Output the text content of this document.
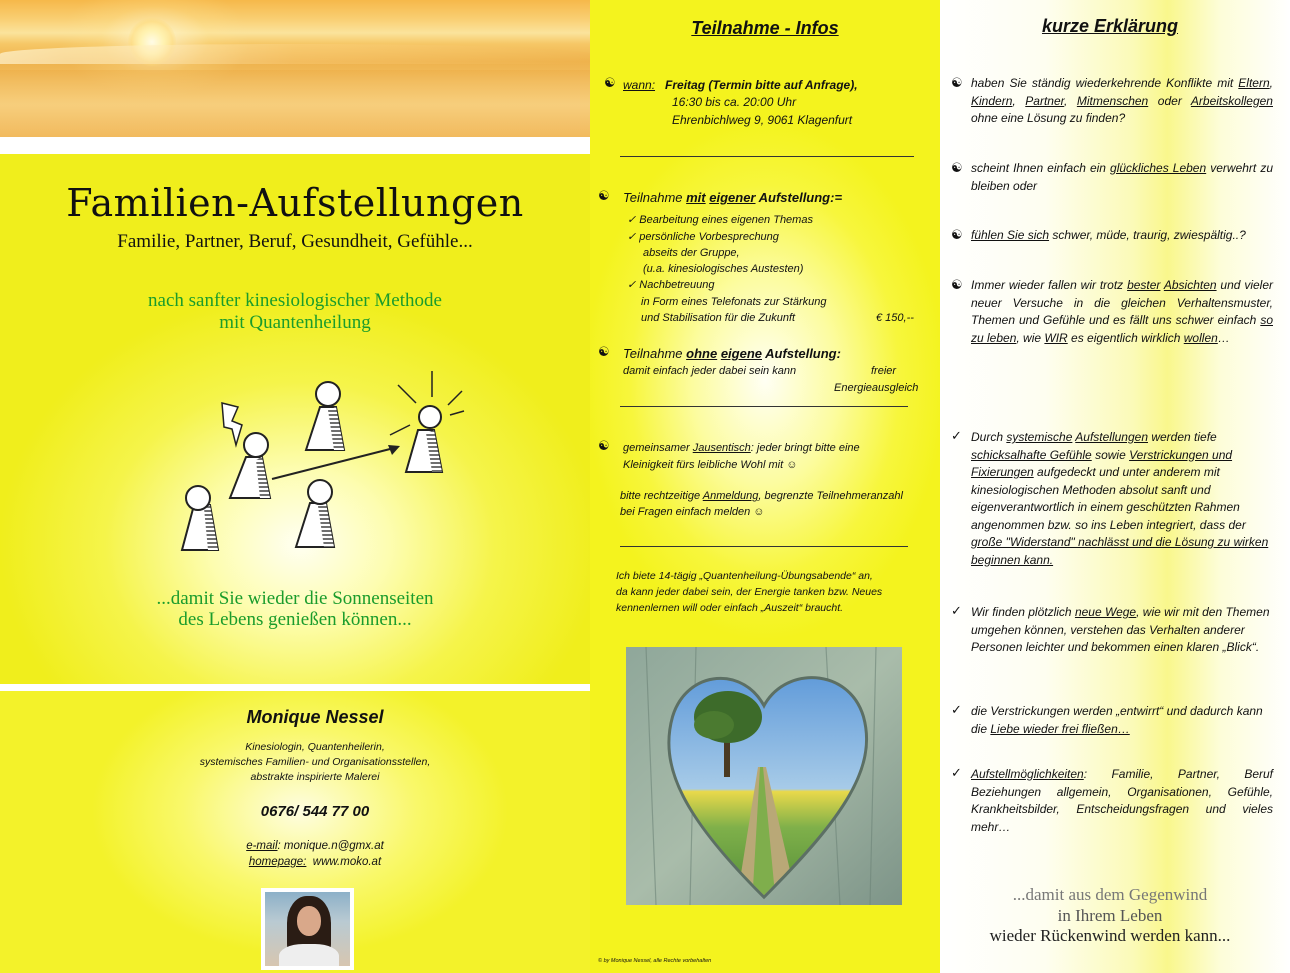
Familien-Aufstellungen
Familie, Partner, Beruf, Gesundheit, Gefühle...
nach sanfter kinesiologischer Methode
mit Quantenheilung
...damit Sie wieder die Sonnenseiten
des Lebens genießen können...
Monique Nessel
Kinesiologin, Quantenheilerin,
systemisches Familien- und Organisationsstellen,
abstrakte inspirierte Malerei
0676/ 544 77 00
e-mail: monique.n@gmx.at
homepage: www.moko.at
Teilnahme - Infos
☯ wann: Freitag (Termin bitte auf Anfrage),
16:30 bis ca. 20:00 Uhr
Ehrenbichlweg 9, 9061 Klagenfurt
☯ Teilnahme mit eigener Aufstellung:=
✓ Bearbeitung eines eigenen Themas
✓ persönliche Vorbesprechung
abseits der Gruppe,
(u.a. kinesiologisches Austesten)
✓ Nachbetreuung
in Form eines Telefonats zur Stärkung
und Stabilisation für die Zukunft	€ 150,--
☯ Teilnahme ohne eigene Aufstellung:
damit einfach jeder dabei sein kann	freier
Energieausgleich
☯ gemeinsamer Jausentisch: jeder bringt bitte eine
Kleinigkeit fürs leibliche Wohl mit ☺
bitte rechtzeitige Anmeldung, begrenzte Teilnehmeranzahl
bei Fragen einfach melden ☺
Ich biete 14-tägig „Quantenheilung-Übungsabende“ an,
da kann jeder dabei sein, der Energie tanken bzw. Neues
kennenlernen will oder einfach „Auszeit“ braucht.
© by Monique Nessel, alle Rechte vorbehalten
kurze Erklärung
☯ haben Sie ständig wiederkehrende Konflikte mit Eltern, Kindern, Partner, Mitmenschen oder Arbeitskollegen ohne eine Lösung zu finden?
☯ scheint Ihnen einfach ein glückliches Leben verwehrt zu bleiben oder
☯ fühlen Sie sich schwer, müde, traurig, zwiespältig..?
☯ Immer wieder fallen wir trotz bester Absichten und vieler neuer Versuche in die gleichen Verhaltensmuster, Themen und Gefühle und es fällt uns schwer einfach so zu leben, wie WIR es eigentlich wirklich wollen…
✓ Durch systemische Aufstellungen werden tiefe schicksalhafte Gefühle sowie Verstrickungen und Fixierungen aufgedeckt und unter anderem mit kinesiologischen Methoden absolut sanft und eigenverantwortlich in einem geschützten Rahmen angenommen bzw. so ins Leben integriert, dass der große "Widerstand" nachlässt und die Lösung zu wirken beginnen kann.
✓ Wir finden plötzlich neue Wege, wie wir mit den Themen umgehen können, verstehen das Verhalten anderer Personen leichter und bekommen einen klaren „Blick“.
✓ die Verstrickungen werden „entwirrt“ und dadurch kann die Liebe wieder frei fließen…
✓ Aufstellmöglichkeiten: Familie, Partner, Beruf Beziehungen allgemein, Organisationen, Gefühle, Krankheitsbilder, Entscheidungsfragen und vieles mehr…
...damit aus dem Gegenwind
in Ihrem Leben
wieder Rückenwind werden kann...
